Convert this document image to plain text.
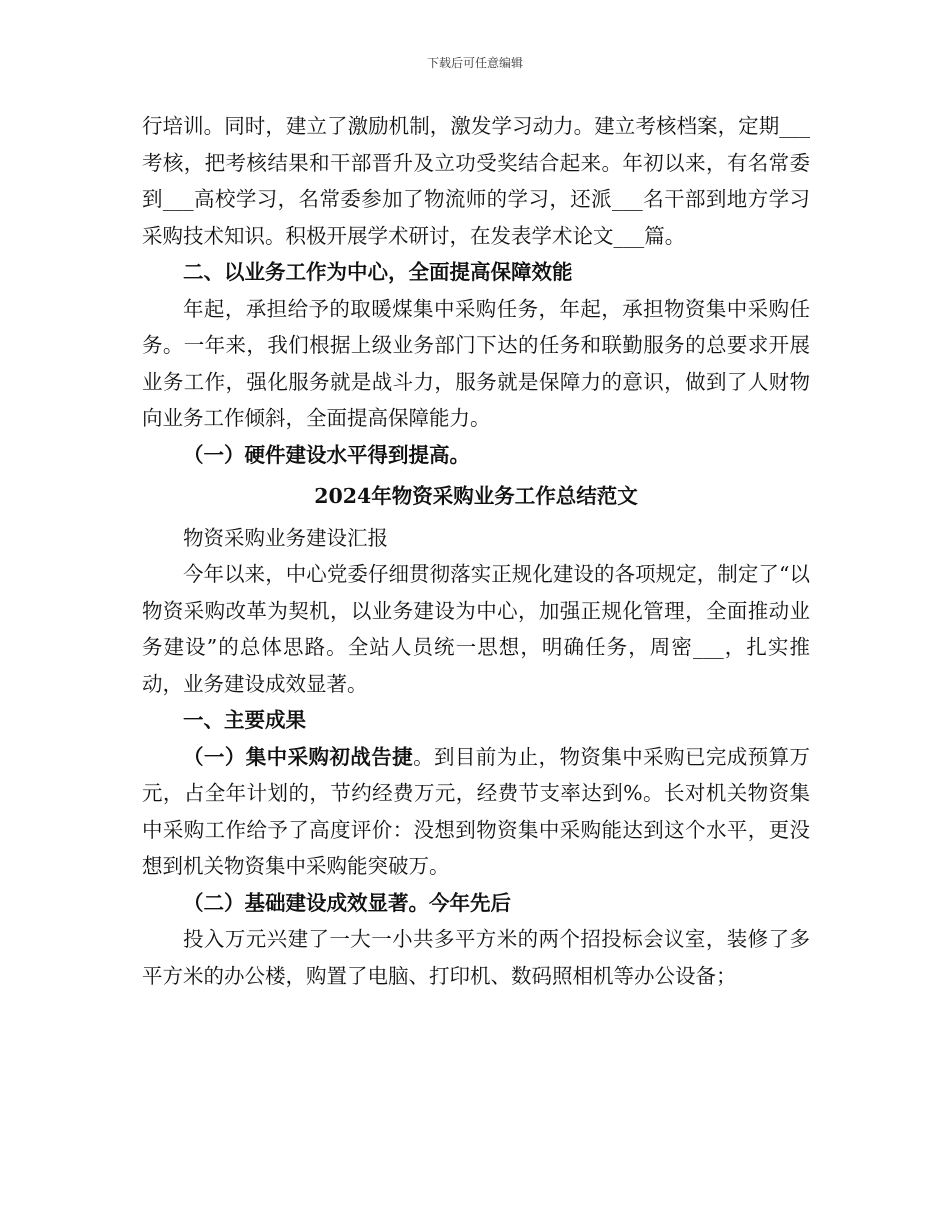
下载后可任意编辑

行培训。同时，建立了激励机制，激发学习动力。建立考核档案，定期___考核，把考核结果和干部晋升及立功受奖结合起来。年初以来，有名常委到___高校学习，名常委参加了物流师的学习，还派___名干部到地方学习采购技术知识。积极开展学术研讨，在发表学术论文___篇。

二、以业务工作为中心，全面提高保障效能

年起，承担给予的取暖煤集中采购任务，年起，承担物资集中采购任务。一年来，我们根据上级业务部门下达的任务和联勤服务的总要求开展业务工作，强化服务就是战斗力，服务就是保障力的意识，做到了人财物向业务工作倾斜，全面提高保障能力。

（一）硬件建设水平得到提高。

2024年物资采购业务工作总结范文

物资采购业务建设汇报

今年以来，中心党委仔细贯彻落实正规化建设的各项规定，制定了“以物资采购改革为契机，以业务建设为中心，加强正规化管理，全面推动业务建设”的总体思路。全站人员统一思想，明确任务，周密___，扎实推动，业务建设成效显著。

一、主要成果

（一）集中采购初战告捷。到目前为止，物资集中采购已完成预算万元，占全年计划的，节约经费万元，经费节支率达到%。长对机关物资集中采购工作给予了高度评价：没想到物资集中采购能达到这个水平，更没想到机关物资集中采购能突破万。

（二）基础建设成效显著。今年先后

投入万元兴建了一大一小共多平方米的两个招投标会议室，装修了多平方米的办公楼，购置了电脑、打印机、数码照相机等办公设备；
